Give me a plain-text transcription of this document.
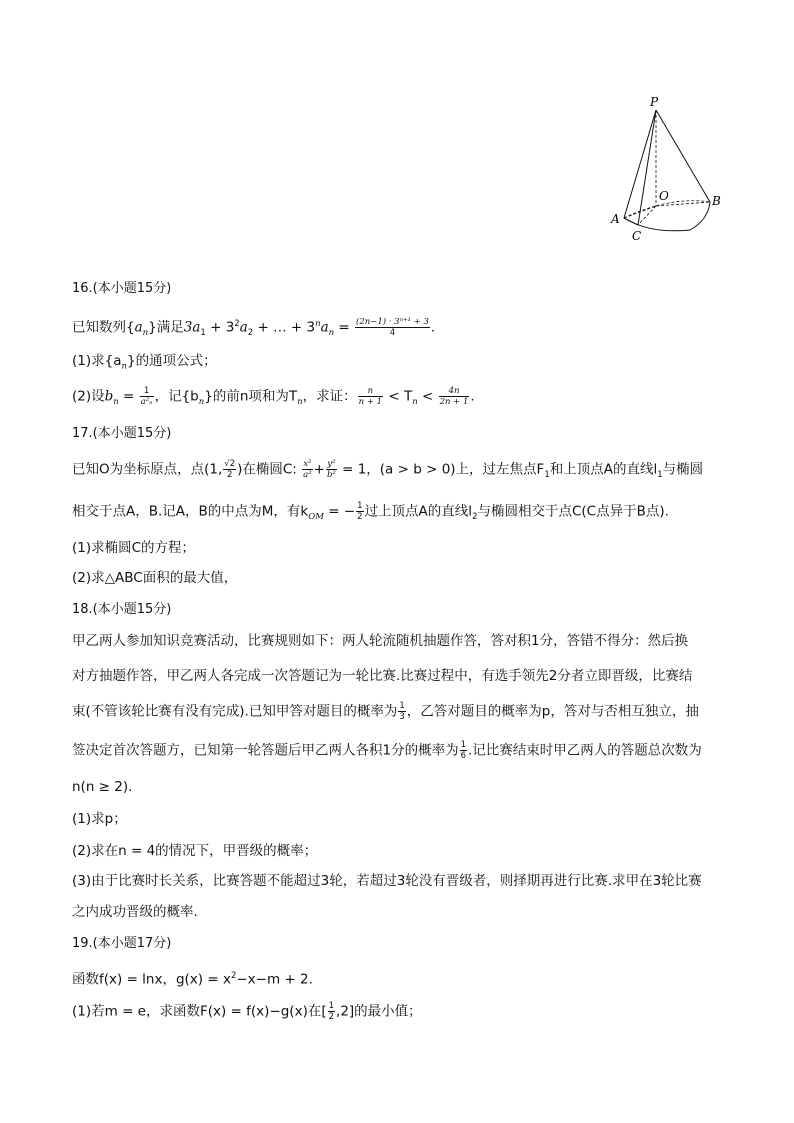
P
O
A
B
C
16.(本小题15分)
已知数列$\{a_n\}$满足$3a_1 + 3^2a_2$ + … + $3^na_n = \frac{\text{(2n−1) · 3ⁿ⁺¹ + 3}}{4}$ .
(1)求$\{a_n\}$的通项公式；
(2)设$b_n = \frac{1}{\text{a²ₙ}}$ ，记$\{b_n\}$的前n项和为$T_n$，求证： $\frac{n}{n + 1} < T_n < \frac{4n}{2n + 1}$ .
17.(本小题15分)
已知O为坐标原点，点(1, $\frac{√2}{2}$ )在椭圆C: $\frac{\text{x²}}{\text{a²}} + \frac{\text{y²}}{\text{b²}} = 1$，(a > b > 0)上，过左焦点$F_1$和上顶点A的直线$l_1$与椭圆
相交于点A，B.记A，B的中点为M，有$k_{OM}$ = − $\frac{1}{2}$ 过上顶点A的直线$l_2$与椭圆相交于点C(C点异于B点).
(1)求椭圆C的方程；
(2)求△ABC面积的最大值，
18.(本小题15分)
甲乙两人参加知识竞赛活动，比赛规则如下：两人轮流随机抽题作答，答对积1分，答错不得分：然后换
对方抽题作答，甲乙两人各完成一次答题记为一轮比赛.比赛过程中，有选手领先2分者立即晋级，比赛结
束(不管该轮比赛有没有完成).已知甲答对题目的概率为 $\frac{1}{3}$ ，乙答对题目的概率为p，答对与否相互独立，抽
签决定首次答题方，已知第一轮答题后甲乙两人各积1分的概率为 $\frac{1}{6}$ .记比赛结束时甲乙两人的答题总次数为
n(n ≥ 2).
(1)求p；
(2)求在n = 4的情况下，甲晋级的概率；
(3)由于比赛时长关系，比赛答题不能超过3轮，若超过3轮没有晋级者，则择期再进行比赛.求甲在3轮比赛
之内成功晋级的概率.
19.(本小题17分)
函数f(x) = lnx，$g(x) = x^2-x-m + 2$.
(1)若m = e，求函数F(x) = f(x)−g(x)在[ $\frac{1}{2} ,2$]的最小值；
